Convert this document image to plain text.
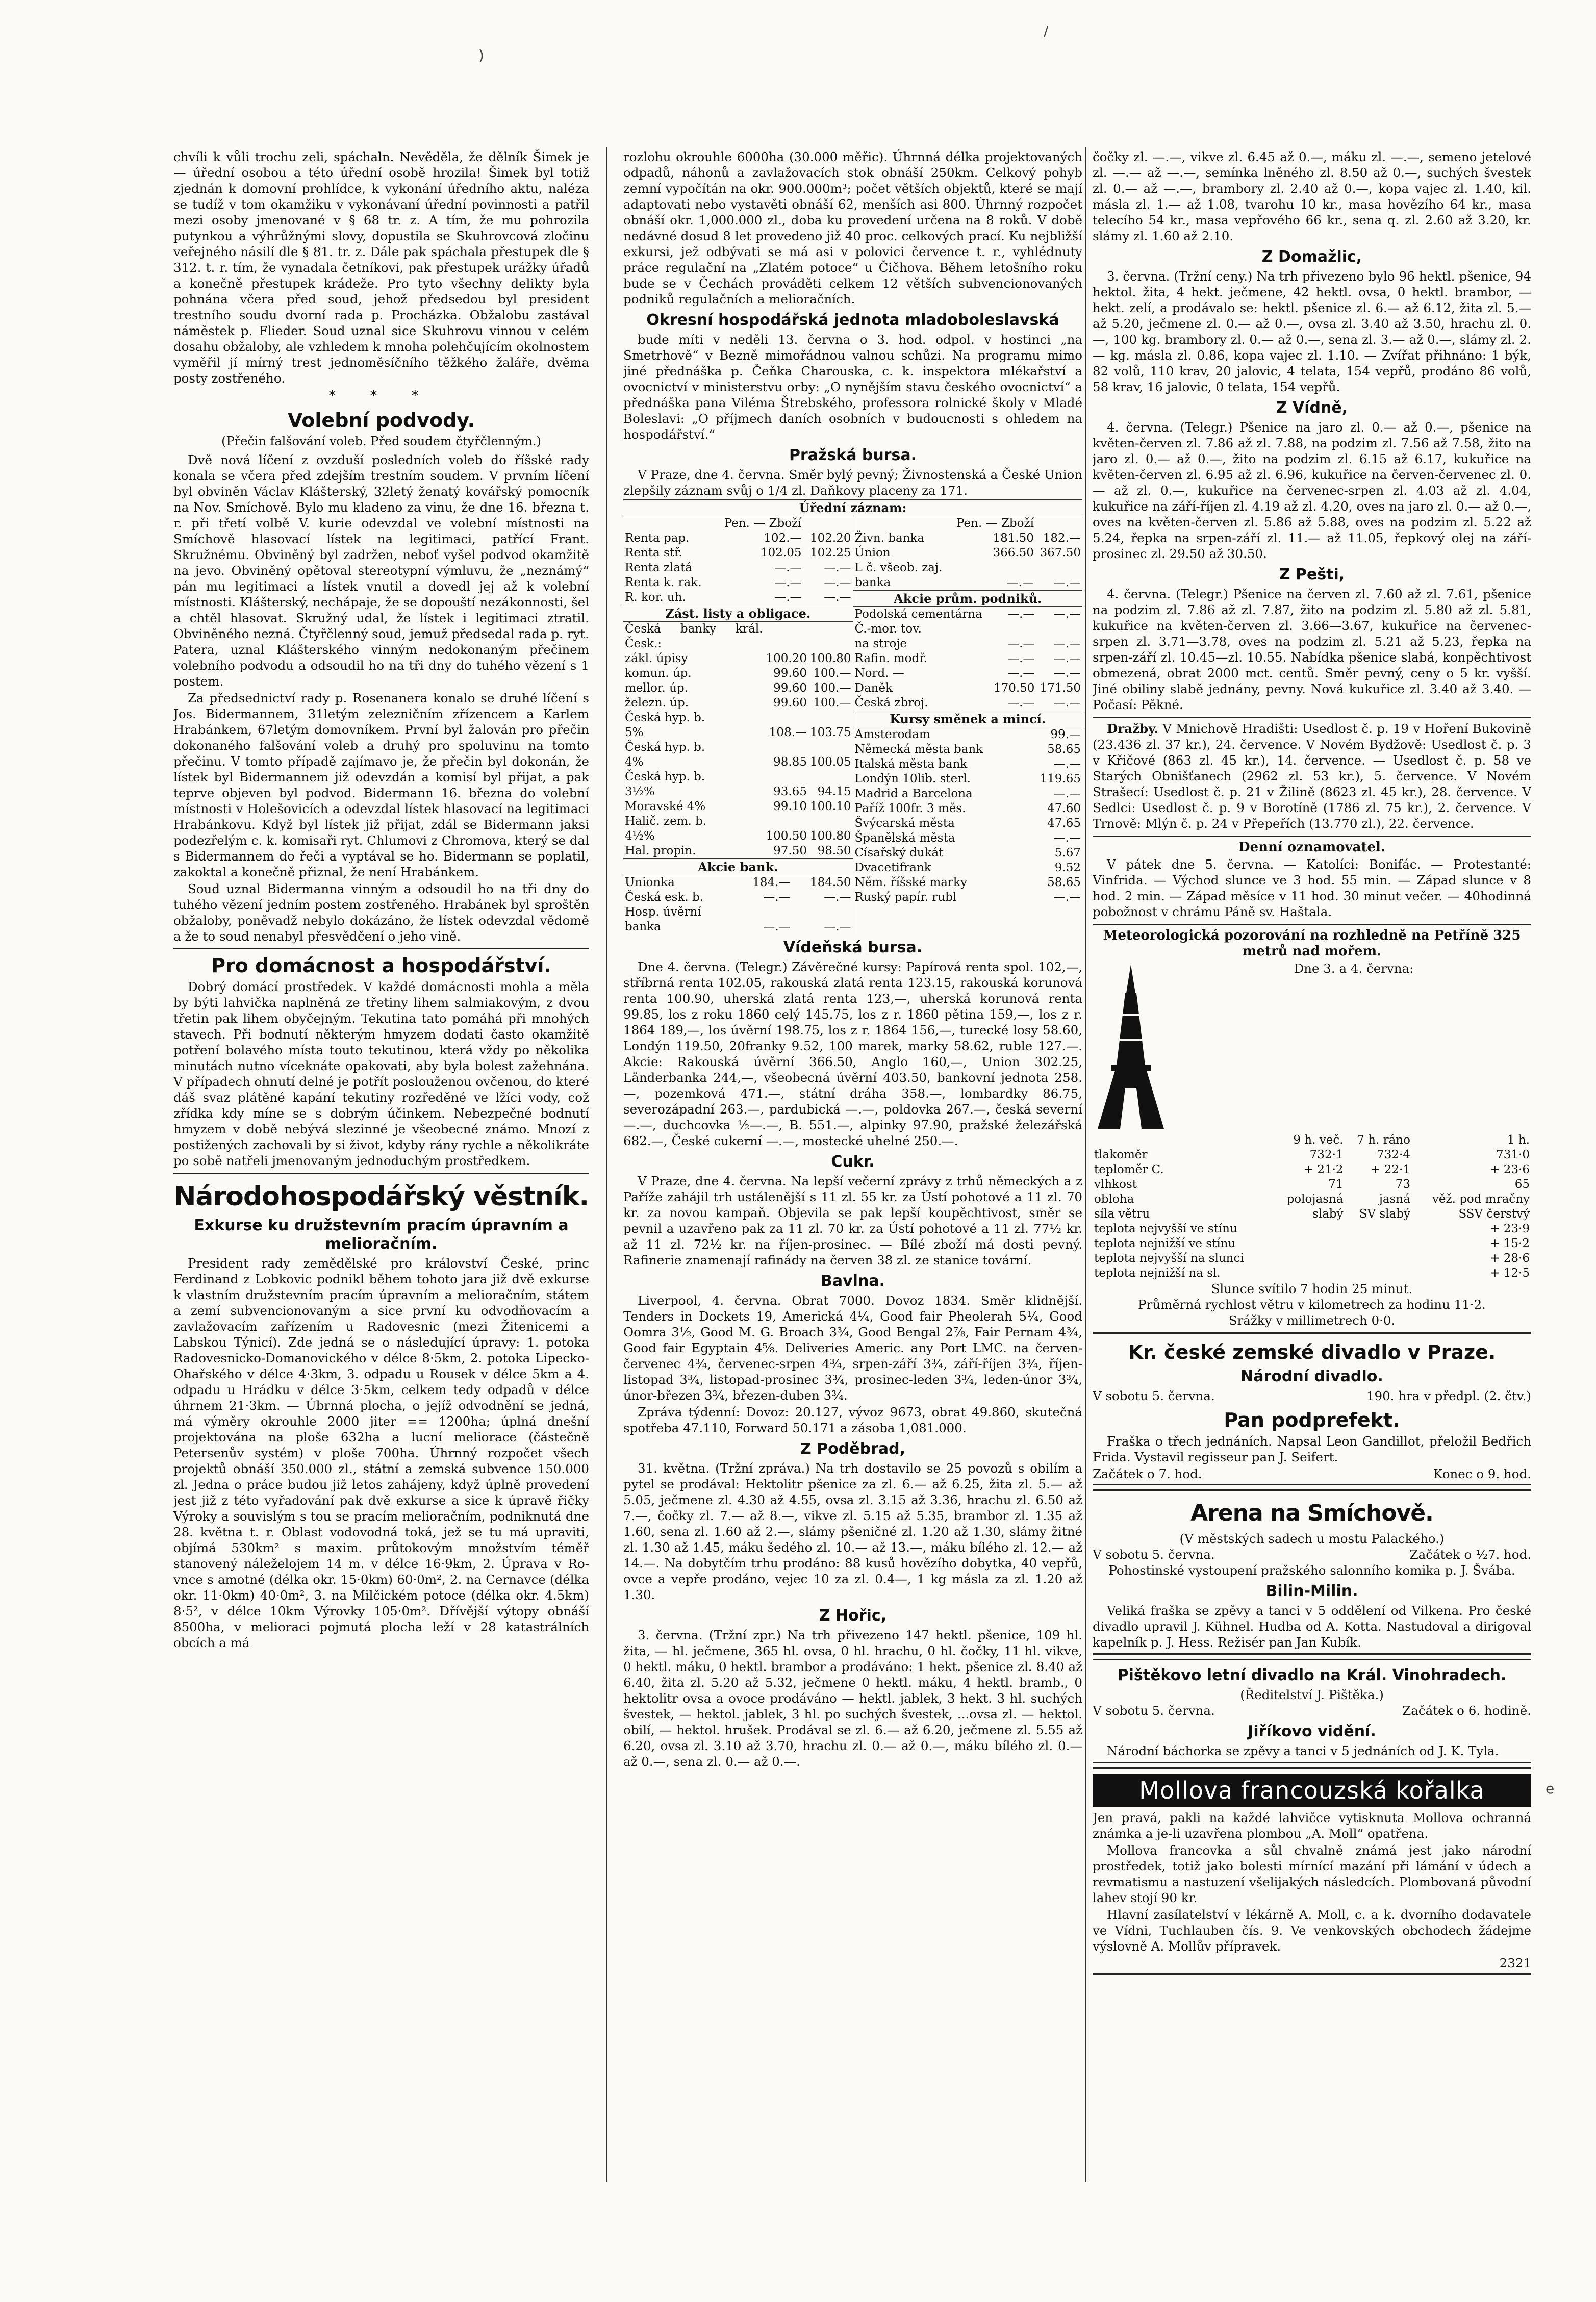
)
/
e

chvíli k vůli trochu zeli, spáchaln. Nevěděla, že dělník Šimek je — úřední osobou a této úřední osobě hrozila! Šimek byl totiž zjednán k domovní prohlídce, k vykonání úředního aktu, naléza se tudíž v tom okamžiku v vykonávaní úřední povinnosti a patřil mezi osoby jmenované v § 68 tr. z. A tím, že mu pohrozila putynkou a výhrůžnými slovy, dopustila se Skuhrovcová zločinu veřejného násilí dle § 81. tr. z. Dále pak spáchala přestupek dle § 312. t. r. tím, že vynadala četníkovi, pak přestupek urážky úřadů a konečně přestupek krádeže. Pro tyto všechny delikty byla pohnána včera před soud, jehož předsedou byl president trestního soudu dvorní rada p. Procházka. Obžalobu zastával náměstek p. Flieder. Soud uznal sice Skuhrovu vinnou v celém dosahu obžaloby, ale vzhledem k mnoha polehčujícím okolnostem vyměřil jí mírný trest jednoměsíčního těžkého žaláře, dvěma posty zostřeného.

* * *
Volební podvody.
(Přečin falšování voleb. Před soudem čtyřčlenným.)

Dvě nová líčení z ovzduší posledních voleb do říšské rady konala se včera před zdejším trestním soudem. V prvním líčení byl obviněn Václav Klášterský, 32letý ženatý kovářský pomocník na Nov. Smíchově. Bylo mu kladeno za vinu, že dne 16. března t. r. při třetí volbě V. kurie odevzdal ve volební místnosti na Smíchově hlasovací lístek na legitimaci, patřící Frant. Skružnému. Obviněný byl zadržen, neboť vyšel podvod okamžitě na jevo. Obviněný opětoval stereotypní výmluvu, že „neznámý“ pán mu legitimaci a lístek vnutil a dovedl jej až k volební místnosti. Klášterský, nechápaje, že se dopouští nezákonnosti, šel a chtěl hlasovat. Skružný udal, že lístek i legitimaci ztratil. Obviněného nezná. Čtyřčlenný soud, jemuž předsedal rada p. ryt. Patera, uznal Klášterského vinným nedokonaným přečinem volebního podvodu a odsoudil ho na tři dny do tuhého vězení s 1 postem.

Za předsednictví rady p. Rosenanera konalo se druhé líčení s Jos. Bidermannem, 31letým zelezničním zřízencem a Karlem Hrabánkem, 67letým domovníkem. První byl žalován pro přečin dokonaného falšování voleb a druhý pro spoluvinu na tomto přečinu. V tomto případě zajímavo je, že přečin byl dokonán, že lístek byl Bidermannem již odevzdán a komisí byl přijat, a pak teprve objeven byl podvod. Bidermann 16. března do volební místnosti v Holešovicích a odevzdal lístek hlasovací na legitimaci Hrabánkovu. Když byl lístek již přijat, zdál se Bidermann jaksi podezřelým c. k. komisaři ryt. Chlumovi z Chromova, který se dal s Bidermannem do řeči a vyptával se ho. Bidermann se poplatil, zakoktal a konečně přiznal, že není Hrabánkem.

Soud uznal Bidermanna vinným a odsoudil ho na tři dny do tuhého vězení jedním postem zostřeného. Hrabánek byl sproštěn obžaloby, poněvadž nebylo dokázáno, že lístek odevzdal vědomě a že to soud nenabyl přesvědčení o jeho vině.

Pro domácnost a hospodářství.

Dobrý domácí prostředek. V každé domácnosti mohla a měla by býti lahvička naplněná ze třetiny lihem salmiakovým, z dvou třetin pak lihem obyčejným. Tekutina tato pomáhá při mnohých stavech. Při bodnutí některým hmyzem dodati často okamžitě potření bolavého místa touto tekutinou, která vždy po několika minutách nutno víceknáte opakovati, aby byla bolest zažehnána. V případech ohnutí delné je potřít poslouženou ovčenou, do které dáš svaz plátěné kapání tekutiny rozředěné ve lžíci vody, což zřídka kdy míne se s dobrým účinkem. Nebezpečné bodnutí hmyzem v době nebývá slezinné je všeobecné známo. Mnozí z postižených zachovali by si život, kdyby rány rychle a několikráte po sobě natřeli jmenovaným jednoduchým prostředkem.

Národohospodářský věstník.
Exkurse ku družstevním pracím úpravním a melioračním.

President rady zemědělské pro království České, princ Ferdinand z Lobkovic podnikl během tohoto jara již dvě exkurse k vlastním družstevním pracím úpravním a melioračním, státem a zemí subvencionovaným a sice první ku odvodňovacím a zavlažovacím zařízením u Radovesnic (mezi Žitenicemi a Labskou Týnicí). Zde jedná se o následující úpravy: 1. potoka Radovesnicko-Domanovického v délce 8·5km, 2. potoka Lipecko-Ohařského v délce 4·3km, 3. odpadu u Rousek v délce 5km a 4. odpadu u Hrádku v délce 3·5km, celkem tedy odpadů v délce úhrnem 21·3km. — Úbrnná plocha, o jejíž odvodnění se jedná, má výměry okrouhle 2000 jiter == 1200ha; úplná dnešní projektována na ploše 632ha a lucní meliorace (částečně Petersenův systém) v ploše 700ha. Úhrnný rozpočet všech projektů obnáší 350.000 zl., státní a zemská subvence 150.000 zl. Jedna o práce budou již letos zahájeny, když úplně provedení jest již z této vyřadování pak dvě exkurse a sice k úpravě řičky Výroky a souvislým s tou se pracím melioračním, podniknutá dne 28. května t. r. Oblast vodovodná toká, jež se tu má upraviti, objímá 530km² s maxim. průtokovým množstvím téměř stanovený náleželojem 14 m. v délce 16·9km, 2. Úprava v Ro- vnce s amotné (délka okr. 15·0km) 60·0m², 2. na Cernavce (délka okr. 11·0km) 40·0m², 3. na Milčickém potoce (délka okr. 4.5km) 8·5², v délce 10km Výrovky 105·0m². Dřívější výtopy obnáší 8500ha, v melioraci pojmutá plocha leží v 28 katastrálních obcích a má

rozlohu okrouhle 6000ha (30.000 měřic). Úhrnná délka projektovaných odpadů, náhonů a zavlažovacích stok obnáší 250km. Celkový pohyb zemní vypočítán na okr. 900.000m³; počet větších objektů, které se mají adaptovati nebo vystavěti obnáší 62, menších asi 800. Úhrnný rozpočet obnáší okr. 1,000.000 zl., doba ku provedení určena na 8 roků. V době nedávné dosud 8 let provedeno již 40 proc. celkových prací. Ku nejbližší exkursi, jež odbývati se má asi v polovici července t. r., vyhlédnuty práce regulační na „Zlatém potoce“ u Čičhova. Během letošního roku bude se v Čechách prováděti celkem 12 větších subvencionovaných podniků regulačních a melioračních.

Okresní hospodářská jednota mladoboleslavská

bude míti v neděli 13. června o 3. hod. odpol. v hostinci „na Smetrhově“ v Bezně mimořádnou valnou schůzi. Na programu mimo jiné přednáška p. Čeňka Charouska, c. k. inspektora mlékařství a ovocnictví v ministerstvu orby: „O nynějším stavu českého ovocnictví“ a přednáška pana Viléma Štrebského, professora rolnické školy v Mladé Boleslavi: „O příjmech daních osobních v budoucnosti s ohledem na hospodářství.“

Pražská bursa.

V Praze, dne 4. června. Směr bylý pevný; Živnostenská a České Union zlepšily záznam svůj o 1/4 zl. Daňkovy placeny za 171.

Úřední záznam:
	Pen. — Zboží	
Renta pap.	102.—	102.20
Renta stř.	102.05	102.25
Renta zlatá	—.—	—.—
Renta k. rak.	—.—	—.—
R. kor. uh.	—.—	—.—
Zást. listy a obligace.
Česká banky král. Česk.:		
zákl. úpisy	100.20	100.80
komun. úp.	99.60	100.—
mellor. úp.	99.60	100.—
železn. úp.	99.60	100.—
Česká hyp. b.		
5%	108.—	103.75
Česká hyp. b.		
4%	98.85	100.05
Česká hyp. b.		
3½%	93.65	94.15
Moravské 4%	99.10	100.10
Halič. zem. b.		
4½%	100.50	100.80
Hal. propin.	97.50	98.50
Akcie bank.
Unionka	184.—	184.50
Česká esk. b.	—.—	—.—
Hosp. úvěrní		
banka	—.—	—.—
	Pen. — Zboží	
Živn. banka	181.50	182.—
Únion	366.50	367.50
L č. všeob. zaj.		
banka	—.—	—.—
Akcie prům. podniků.
Podolská cementárna	—.—	—.—
Č.-mor. tov.		
na stroje	—.—	—.—
Rafin. modř.	—.—	—.—
Nord. —	—.—	—.—
Daněk	170.50	171.50
Česká zbroj.	—.—	—.—
Kursy směnek a mincí.
Amsterodam	99.—
Německá města bank	58.65
Italská města bank	—.—
Londýn 10lib. sterl.	119.65
Madrid a Barcelona	—.—
Paříž 100fr. 3 měs.	47.60
Švýcarská města	47.65
Španělská města	—.—
Císařský dukát	5.67
Dvacetifrank	9.52
Něm. říšské marky	58.65
Ruský papír. rubl	—.—
Vídeňská bursa.

Dne 4. června. (Telegr.) Závěrečné kursy: Papírová renta spol. 102,—, stříbrná renta 102.05, rakouská zlatá renta 123.15, rakouská korunová renta 100.90, uherská zlatá renta 123,—, uherská korunová renta 99.85, los z roku 1860 celý 145.75, los z r. 1860 pětina 159,—, los z r. 1864 189,—, los úvěrní 198.75, los z r. 1864 156,—, turecké losy 58.60, Londýn 119.50, 20franky 9.52, 100 marek, marky 58.62, ruble 127.—. Akcie: Rakouská úvěrní 366.50, Anglo 160,—, Union 302.25, Länderbanka 244,—, všeobecná úvěrní 403.50, bankovní jednota 258.—, pozemková 471.—, státní dráha 358.—, lombardky 86.75, severozápadní 263.—, pardubická —.—, poldovka 267.—, česká severní —.—, duchcovka ½—.—, B. 551.—, alpinky 97.90, pražské železářská 682.—, České cukerní —.—, mostecké uhelné 250.—.

Cukr.

V Praze, dne 4. června. Na lepší večerní zprávy z trhů německých a z Paříže zahájil trh ustálenější s 11 zl. 55 kr. za Ústí pohotové a 11 zl. 70 kr. za novou kampaň. Objevila se pak lepší koupěchtivost, směr se pevnil a uzavřeno pak za 11 zl. 70 kr. za Ústí pohotové a 11 zl. 77½ kr. až 11 zl. 72½ kr. na říjen-prosinec. — Bílé zboží má dosti pevný. Rafinerie znamenají rafinády na červen 38 zl. ze stanice tovární.

Bavlna.

Liverpool, 4. června. Obrat 7000. Dovoz 1834. Směr klidnější. Tenders in Dockets 19, Americká 4¼, Good fair Pheolerah 5¼, Good Oomra 3½, Good M. G. Broach 3¾, Good Bengal 2⅞, Fair Pernam 4¾, Good fair Egyptain 4⅝. Deliveries Americ. any Port LMC. na červen-červenec 4¾, červenec-srpen 4¾, srpen-září 3¾, září-říjen 3¾, říjen-listopad 3¾, listopad-prosinec 3¾, prosinec-leden 3¾, leden-únor 3¾, únor-březen 3¾, březen-duben 3¾.

Zpráva týdenní: Dovoz: 20.127, vývoz 9673, obrat 49.860, skutečná spotřeba 47.110, Forward 50.171 a zásoba 1,081.000.

Z Poděbrad,

31. května. (Tržní zpráva.) Na trh dostavilo se 25 povozů s obilím a pytel se prodával: Hektolitr pšenice za zl. 6.— až 6.25, žita zl. 5.— až 5.05, ječmene zl. 4.30 až 4.55, ovsa zl. 3.15 až 3.36, hrachu zl. 6.50 až 7.—, čočky zl. 7.— až 8.—, vikve zl. 5.15 až 5.35, brambor zl. 1.35 až 1.60, sena zl. 1.60 až 2.—, slámy pšeničné zl. 1.20 až 1.30, slámy žitné zl. 1.30 až 1.45, máku šedého zl. 10.— až 13.—, máku bílého zl. 12.— až 14.—. Na dobytčím trhu prodáno: 88 kusů hovězího dobytka, 40 vepřů, ovce a vepře prodáno, vejec 10 za zl. 0.4—, 1 kg másla za zl. 1.20 až 1.30.

Z Hořic,

3. června. (Tržní zpr.) Na trh přivezeno 147 hektl. pšenice, 109 hl. žita, — hl. ječmene, 365 hl. ovsa, 0 hl. hrachu, 0 hl. čočky, 11 hl. vikve, 0 hektl. máku, 0 hektl. brambor a prodáváno: 1 hekt. pšenice zl. 8.40 až 6.40, žita zl. 5.20 až 5.32, ječmene 0 hektl. máku, 4 hektl. bramb., 0 hektolitr ovsa a ovoce prodáváno — hektl. jablek, 3 hekt. 3 hl. suchých švestek, — hektol. jablek, 3 hl. po suchých švestek, ...ovsa zl. — hektol. obilí, — hektol. hrušek. Prodával se zl. 6.— až 6.20, ječmene zl. 5.55 až 6.20, ovsa zl. 3.10 až 3.70, hrachu zl. 0.— až 0.—, máku bílého zl. 0.— až 0.—, sena zl. 0.— až 0.—.

čočky zl. —.—, vikve zl. 6.45 až 0.—, máku zl. —.—, semeno jetelové zl. —.— až —.—, semínka lněného zl. 8.50 až 0.—, suchých švestek zl. 0.— až —.—, brambory zl. 2.40 až 0.—, kopa vajec zl. 1.40, kil. másla zl. 1.— až 1.08, tvarohu 10 kr., masa hovězího 64 kr., masa telecího 54 kr., masa vepřového 66 kr., sena q. zl. 2.60 až 3.20, kr. slámy zl. 1.60 až 2.10.

Z Domažlic,

3. června. (Tržní ceny.) Na trh přivezeno bylo 96 hektl. pšenice, 94 hektol. žita, 4 hekt. ječmene, 42 hektl. ovsa, 0 hektl. brambor, — hekt. zelí, a prodávalo se: hektl. pšenice zl. 6.— až 6.12, žita zl. 5.— až 5.20, ječmene zl. 0.— až 0.—, ovsa zl. 3.40 až 3.50, hrachu zl. 0.—, 100 kg. brambory zl. 0.— až 0.—, sena zl. 3.— až 0.—, slámy zl. 2.— kg. másla zl. 0.86, kopa vajec zl. 1.10. — Zvířat přihnáno: 1 býk, 82 volů, 110 krav, 20 jalovic, 4 telata, 154 vepřů, prodáno 86 volů, 58 krav, 16 jalovic, 0 telata, 154 vepřů.

Z Vídně,

4. června. (Telegr.) Pšenice na jaro zl. 0.— až 0.—, pšenice na květen-červen zl. 7.86 až zl. 7.88, na podzim zl. 7.56 až 7.58, žito na jaro zl. 0.— až 0.—, žito na podzim zl. 6.15 až 6.17, kukuřice na květen-červen zl. 6.95 až zl. 6.96, kukuřice na červen-červenec zl. 0.— až zl. 0.—, kukuřice na červenec-srpen zl. 4.03 až zl. 4.04, kukuřice na září-říjen zl. 4.19 až zl. 4.20, oves na jaro zl. 0.— až 0.—, oves na květen-červen zl. 5.86 až 5.88, oves na podzim zl. 5.22 až 5.24, řepka na srpen-září zl. 11.— až 11.05, řepkový olej na září-prosinec zl. 29.50 až 30.50.

Z Pešti,

4. června. (Telegr.) Pšenice na červen zl. 7.60 až zl. 7.61, pšenice na podzim zl. 7.86 až zl. 7.87, žito na podzim zl. 5.80 až zl. 5.81, kukuřice na květen-červen zl. 3.66—3.67, kukuřice na červenec-srpen zl. 3.71—3.78, oves na podzim zl. 5.21 až 5.23, řepka na srpen-září zl. 10.45—zl. 10.55. Nabídka pšenice slabá, konpěchtivost obmezená, obrat 2000 mct. centů. Směr pevný, ceny o 5 kr. vyšší. Jiné obiliny slabě jednány, pevny. Nová kukuřice zl. 3.40 až 3.40. — Počasí: Pěkné.

Dražby. V Mnichově Hradišti: Usedlost č. p. 19 v Hoření Bukovině (23.436 zl. 37 kr.), 24. července. V Novém Bydžově: Usedlost č. p. 3 v Křičové (863 zl. 45 kr.), 14. července. — Usedlost č. p. 58 ve Starých Obnišťanech (2962 zl. 53 kr.), 5. července. V Novém Strašecí: Usedlost č. p. 21 v Žilině (8623 zl. 45 kr.), 28. července. V Sedlci: Usedlost č. p. 9 v Borotíně (1786 zl. 75 kr.), 2. července. V Trnově: Mlýn č. p. 24 v Přepeřích (13.770 zl.), 22. července.

Denní oznamovatel.

V pátek dne 5. června. — Katolíci: Bonifác. — Protestanté: Vinfrida. — Východ slunce ve 3 hod. 55 min. — Západ slunce v 8 hod. 2 min. — Západ měsíce v 11 hod. 30 minut večer. — 40hodinná pobožnost v chrámu Páně sv. Haštala.

Meteorologická pozorování na rozhledně na Petříně 325 metrů nad mořem.
Dne 3. a 4. června:
	9 h. več.	7 h. ráno	1 h.
tlakoměr	732·1	732·4	731·0
teploměr C.	+ 21·2	+ 22·1	+ 23·6
vlhkost	71	73	65
obloha	polojasná	jasná	věž. pod mračny
síla větru	slabý	SV slabý	SSV čerstvý
teplota nejvyšší ve stínu			+ 23·9
teplota nejnižší ve stínu			+ 15·2
teplota nejvyšší na slunci			+ 28·6
teplota nejnižší na sl.			+ 12·5
Slunce svítilo 7 hodin 25 minut.
Průměrná rychlost větru v kilometrech za hodinu 11·2.
Srážky v millimetrech 0·0.
Kr. české zemské divadlo v Praze.
Národní divadlo.
V sobotu 5. června.	190. hra v předpl. (2. čtv.)
Pan podprefekt.

Fraška o třech jednáních. Napsal Leon Gandillot, přeložil Bedřich Frida. Vystavil regisseur pan J. Seifert.

Začátek o 7. hod.	Konec o 9. hod.
Arena na Smíchově.
(V městských sadech u mostu Palackého.)
V sobotu 5. června.	Začátek o ½7. hod.
Pohostinské vystoupení pražského salonního komika p. J. Švába.
Bilin-Milin.

Veliká fraška se zpěvy a tanci v 5 oddělení od Vilkena. Pro české divadlo upravil J. Kühnel. Hudba od A. Kotta. Nastudoval a dirigoval kapelník p. J. Hess. Režisér pan Jan Kubík.

Pištěkovo letní divadlo na Král. Vinohradech.
(Ředitelství J. Pištěka.)
V sobotu 5. června.	Začátek o 6. hodině.
Jiříkovo vidění.

Národní báchorka se zpěvy a tanci v 5 jednáních od J. K. Tyla.

Mollova francouzská kořalka

Jen pravá, pakli na každé lahvičce vytisknuta Mollova ochranná známka a je-li uzavřena plombou „A. Moll“ opatřena.

Mollova francovka a sůl chvalně známá jest jako národní prostředek, totiž jako bolesti mírnící mazání při lámání v údech a revmatismu a nastuzení všelijakých následcích. Plombovaná původní lahev stojí 90 kr.

Hlavní zasílatelství v lékárně A. Moll, c. a k. dvorního dodavatele ve Vídni, Tuchlauben čís. 9. Ve venkovských obchodech žádejme výslovně A. Mollův přípravek.

2321
